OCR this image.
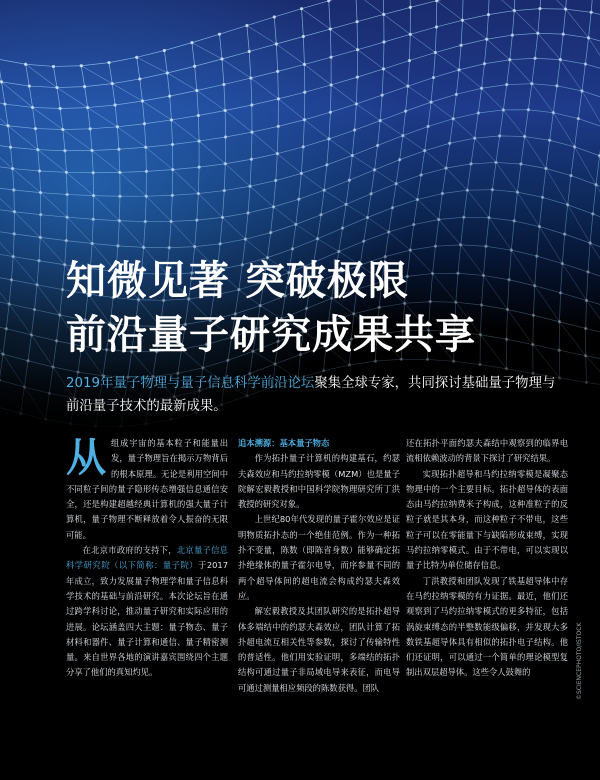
知微见著 突破极限
前沿量子研究成果共享
2019年量子物理与量子信息科学前沿论坛聚集全球专家，共同探讨基础量子物理与前沿量子技术的最新成果。

从组成宇宙的基本粒子和能量出发，量子物理旨在揭示万物背后的根本原理。无论是利用空间中不同粒子间的量子隐形传态增强信息通信安全，还是构建超越经典计算机的强大量子计算机，量子物理不断释放着令人振奋的无限可能。

在北京市政府的支持下，北京量子信息科学研究院（以下简称：量子院）于2017年成立，致力发展量子物理学和量子信息科学技术的基础与前沿研究。本次论坛旨在通过跨学科讨论，推动量子研究和实际应用的进展。论坛涵盖四大主题：量子物态、量子材料和器件、量子计算和通信、量子精密测量。来自世界各地的演讲嘉宾围绕四个主题分享了他们的真知灼见。

追本溯源：基本量子物态

作为拓扑量子计算机的构建基石，约瑟夫森效应和马约拉纳零模（MZM）也是量子院解宏毅教授和中国科学院物理研究所丁洪教授的研究对象。

上世纪80年代发现的量子霍尔效应是证明物质拓扑态的一个绝佳范例。作为一种拓扑不变量，陈数（即陈省身数）能够确定拓扑绝缘体的量子霍尔电导，而序参量不同的两个超导体间的超电流会构成约瑟夫森效应。

解宏毅教授及其团队研究的是拓扑超导体多端结中的约瑟夫森效应，团队计算了拓扑超电流互相关性等参数，探讨了传输特性的普适性。他们用实验证明，多端结的拓扑结构可通过量子非局域电导来表征，而电导可通过测量相应频段的陈数获得。团队

还在拓扑平面约瑟夫森结中观察到的临界电流相依赖波动的背景下探讨了研究结果。

实现拓扑超导和马约拉纳零模是凝聚态物理中的一个主要目标。拓扑超导体的表面态由马约拉纳费米子构成，这种准粒子的反粒子就是其本身，而这种粒子不带电，这些粒子可以在零能量下与缺陷形成束缚，实现马约拉纳零模式。由于不带电，可以实现以量子比特为单位储存信息。

丁洪教授和团队发现了铁基超导体中存在马约拉纳零模的有力证据。最近，他们还观察到了马约拉纳零模式的更多特征，包括涡旋束缚态的半整数能级偏移，并发现大多数铁基超导体具有相似的拓扑电子结构。他们还证明，可以通过一个简单的理论模型复制出双层超导体。这些令人鼓舞的	©SCIENCEPHOTO/ISTOCK
